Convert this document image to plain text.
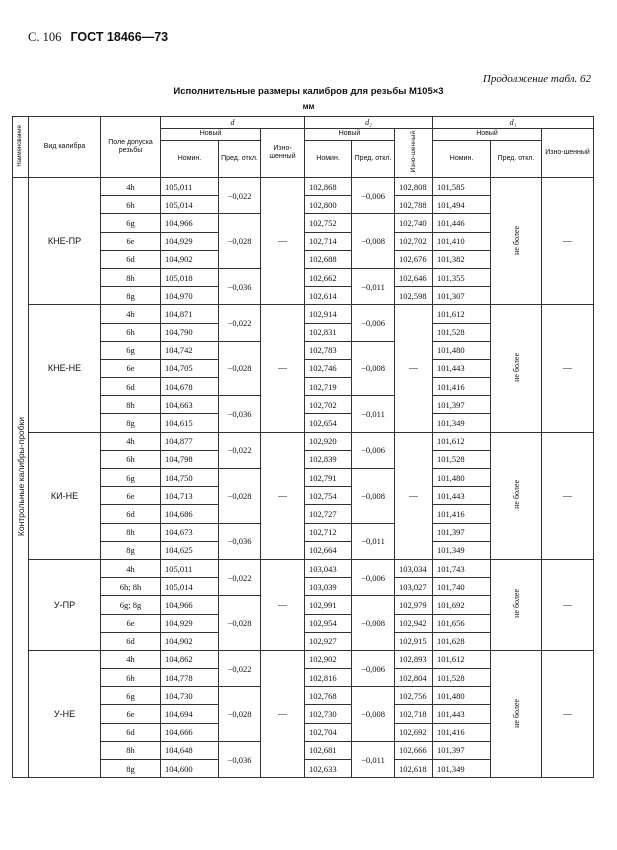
С. 106 ГОСТ 18466—73
Продолжение табл. 62
Исполнительные размеры калибров для резьбы М105×3
мм
Наименование	Вид калибра	Поле допуска резьбы	d			d₂			d₁		
			Новый		Изно-шенный	Новый		Изно-шенный	Новый		Изно-шенный
			Номин.	Пред. откл.		Номин.	Пред. откл.		Номин.	Пред. откл.	
Контрольные калибры-пробки	КНЕ-ПР	4h	105,011	−0,022	—	102,868	−0,006	102,808	101,585	не более	—
		6h	105,014			102,800		102,788	101,494		
		6g	104,966	−0,028		102,752	−0,008	102,740	101,446		
		6e	104,929			102,714		102,702	101,410		
		6d	104,902			102,688		102,676	101,382		
		8h	105,018	−0,036		102,662	−0,011	102,646	101,355		
		8g	104,970			102,614		102,598	101,307		
	КНЕ-НЕ	4h	104,871	−0,022	—	102,914	−0,006	—	101,612	не более	—
		6h	104,790			102,831			101,528		
		6g	104,742	−0,028		102,783	−0,008		101,480		
		6e	104,705			102,746			101,443		
		6d	104,678			102,719			101,416		
		8h	104,663	−0,036		102,702	−0,011		101,397		
		8g	104,615			102,654			101,349		
	КИ-НЕ	4h	104,877	−0,022	—	102,920	−0,006	—	101,612	не более	—
		6h	104,798			102,839			101,528		
		6g	104,750	−0,028		102,791	−0,008		101,480		
		6e	104,713			102,754			101,443		
		6d	104,686			102,727			101,416		
		8h	104,673	−0,036		102,712	−0,011		101,397		
		8g	104,625			102,664			101,349		
	У-ПР	4h	105,011	−0,022	—	103,043	−0,006	103,034	101,743	не более	—
		6h; 8h	105,014			103,039		103,027	101,740		
		6g; 8g	104,966	−0,028		102,991	−0,008	102,979	101,692		
		6e	104,929			102,954		102,942	101,656		
		6d	104,902			102,927		102,915	101,628		
	У-НЕ	4h	104,862	−0,022	—	102,902	−0,006	102,893	101,612	не более	—
		6h	104,778			102,816		102,804	101,528		
		6g	104,730	−0,028		102,768	−0,008	102,756	101,480		
		6e	104,694			102,730		102,718	101,443		
		6d	104,666			102,704		102,692	101,416		
		8h	104,648	−0,036		102,681	−0,011	102,666	101,397		
		8g	104,600			102,633		102,618	101,349		
